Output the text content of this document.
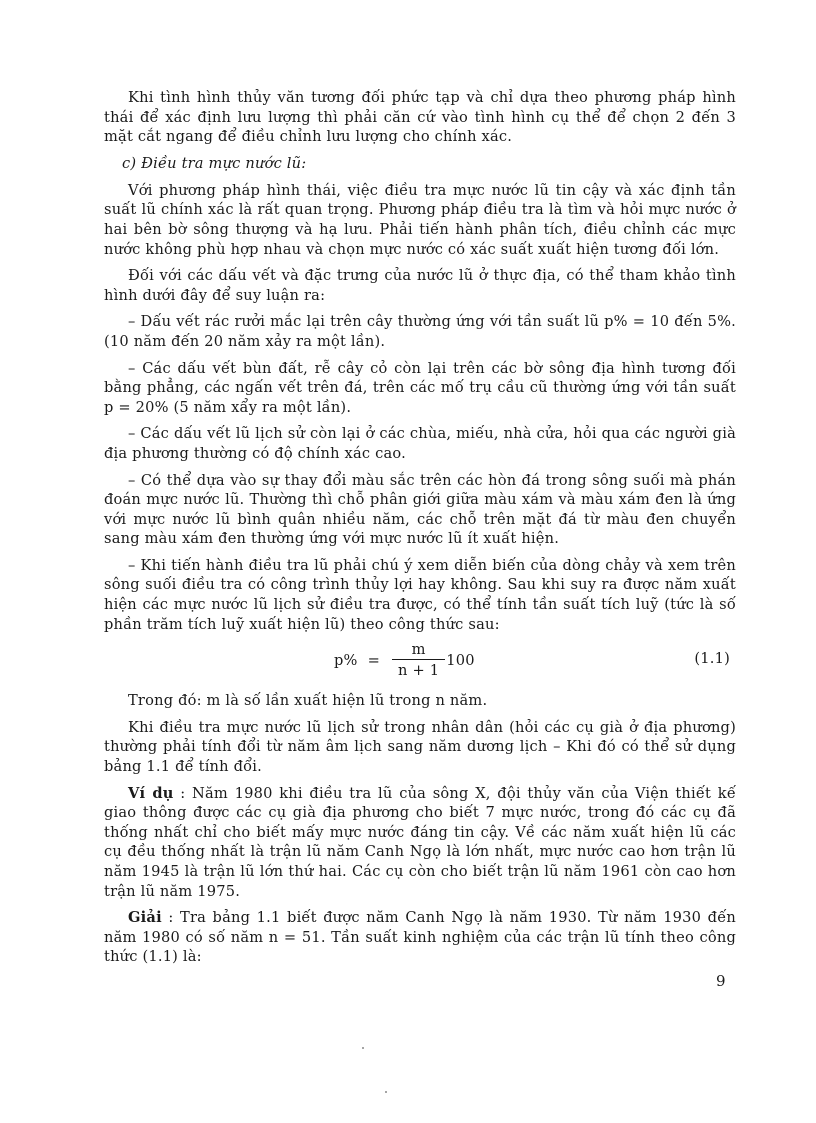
Khi tình hình thủy văn tương đối phức tạp và chỉ dựa theo phương pháp hình thái để xác định lưu lượng thì phải căn cứ vào tình hình cụ thể để chọn 2 đến 3 mặt cắt ngang để điều chỉnh lưu lượng cho chính xác.

c) Điều tra mực nước lũ:

Với phương pháp hình thái, việc điều tra mực nước lũ tin cậy và xác định tần suất lũ chính xác là rất quan trọng. Phương pháp điều tra là tìm và hỏi mực nước ở hai bên bờ sông thượng và hạ lưu. Phải tiến hành phân tích, điều chỉnh các mực nước không phù hợp nhau và chọn mực nước có xác suất xuất hiện tương đối lớn.

Đối với các dấu vết và đặc trưng của nước lũ ở thực địa, có thể tham khảo tình hình dưới đây để suy luận ra:

– Dấu vết rác rưởi mắc lại trên cây thường ứng với tần suất lũ p% = 10 đến 5%. (10 năm đến 20 năm xảy ra một lần).

– Các dấu vết bùn đất, rễ cây cỏ còn lại trên các bờ sông địa hình tương đối bằng phẳng, các ngấn vết trên đá, trên các mố trụ cầu cũ thường ứng với tần suất p = 20% (5 năm xẩy ra một lần).

– Các dấu vết lũ lịch sử còn lại ở các chùa, miếu, nhà cửa, hỏi qua các người già địa phương thường có độ chính xác cao.

– Có thể dựa vào sự thay đổi màu sắc trên các hòn đá trong sông suối mà phán đoán mực nước lũ. Thường thì chỗ phân giới giữa màu xám và màu xám đen là ứng với mực nước lũ bình quân nhiều năm, các chỗ trên mặt đá từ màu đen chuyển sang màu xám đen thường ứng với mực nước lũ ít xuất hiện.

– Khi tiến hành điều tra lũ phải chú ý xem diễn biến của dòng chảy và xem trên sông suối điều tra có công trình thủy lợi hay không. Sau khi suy ra được năm xuất hiện các mực nước lũ lịch sử điều tra được, có thể tính tần suất tích luỹ (tức là số phần trăm tích luỹ xuất hiện lũ) theo công thức sau:

$p\% = \frac{m}{n + 1} 100$	(1.1)

Trong đó: m là số lần xuất hiện lũ trong n năm.

Khi điều tra mực nước lũ lịch sử trong nhân dân (hỏi các cụ già ở địa phương) thường phải tính đổi từ năm âm lịch sang năm dương lịch – Khi đó có thể sử dụng bảng 1.1 để tính đổi.

Ví dụ : Năm 1980 khi điều tra lũ của sông X, đội thủy văn của Viện thiết kế giao thông được các cụ già địa phương cho biết 7 mực nước, trong đó các cụ đã thống nhất chỉ cho biết mấy mực nước đáng tin cậy. Về các năm xuất hiện lũ các cụ đều thống nhất là trận lũ năm Canh Ngọ là lớn nhất, mực nước cao hơn trận lũ năm 1945 là trận lũ lớn thứ hai. Các cụ còn cho biết trận lũ năm 1961 còn cao hơn trận lũ năm 1975.

Giải : Tra bảng 1.1 biết được năm Canh Ngọ là năm 1930. Từ năm 1930 đến năm 1980 có số năm n = 51. Tần suất kinh nghiệm của các trận lũ tính theo công thức (1.1) là:

9
